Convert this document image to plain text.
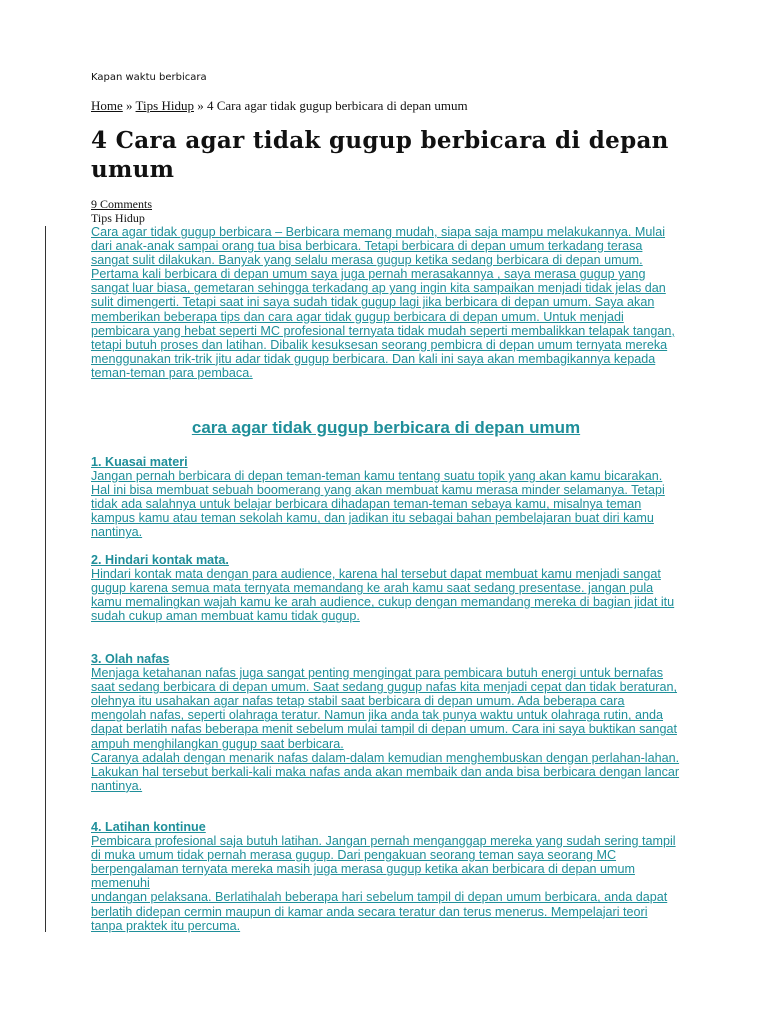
Kapan waktu berbicara
Home » Tips Hidup » 4 Cara agar tidak gugup berbicara di depan umum
4 Cara agar tidak gugup berbicara di depan umum
9 Comments
Tips Hidup

Cara agar tidak gugup berbicara – Berbicara memang mudah, siapa saja mampu melakukannya. Mulai dari anak-anak sampai orang tua bisa berbicara. Tetapi berbicara di depan umum terkadang terasa sangat sulit dilakukan. Banyak yang selalu merasa gugup ketika sedang berbicara di depan umum. Pertama kali berbicara di depan umum saya juga pernah merasakannya , saya merasa gugup yang sangat luar biasa, gemetaran sehingga terkadang ap yang ingin kita sampaikan menjadi tidak jelas dan sulit dimengerti. Tetapi saat ini saya sudah tidak gugup lagi jika berbicara di depan umum. Saya akan memberikan beberapa tips dan cara agar tidak gugup berbicara di depan umum. Untuk menjadi pembicara yang hebat seperti MC profesional ternyata tidak mudah seperti membalikkan telapak tangan, tetapi butuh proses dan latihan. Dibalik kesuksesan seorang pembicra di depan umum ternyata mereka menggunakan trik-trik jitu adar tidak gugup berbicara. Dan kali ini saya akan membagikannya kepada teman-teman para pembaca.

cara agar tidak gugup berbicara di depan umum
1. Kuasai materi

Jangan pernah berbicara di depan teman-teman kamu tentang suatu topik yang akan kamu bicarakan. Hal ini bisa membuat sebuah boomerang yang akan membuat kamu merasa minder selamanya. Tetapi tidak ada salahnya untuk belajar berbicara dihadapan teman-teman sebaya kamu, misalnya teman kampus kamu atau teman sekolah kamu, dan jadikan itu sebagai bahan pembelajaran buat diri kamu nantinya.

2. Hindari kontak mata.

Hindari kontak mata dengan para audience, karena hal tersebut dapat membuat kamu menjadi sangat gugup karena semua mata ternyata memandang ke arah kamu saat sedang presentase. jangan pula kamu memalingkan wajah kamu ke arah audience, cukup dengan memandang mereka di bagian jidat itu sudah cukup aman membuat kamu tidak gugup.

3. Olah nafas

Menjaga ketahanan nafas juga sangat penting mengingat para pembicara butuh energi untuk bernafas saat sedang berbicara di depan umum. Saat sedang gugup nafas kita menjadi cepat dan tidak beraturan, olehnya itu usahakan agar nafas tetap stabil saat berbicara di depan umum. Ada beberapa cara mengolah nafas, seperti olahraga teratur. Namun jika anda tak punya waktu untuk olahraga rutin, anda dapat berlatih nafas beberapa menit sebelum mulai tampil di depan umum. Cara ini saya buktikan sangat ampuh menghilangkan gugup saat berbicara.

Caranya adalah dengan menarik nafas dalam-dalam kemudian menghembuskan dengan perlahan-lahan. Lakukan hal tersebut berkali-kali maka nafas anda akan membaik dan anda bisa berbicara dengan lancar nantinya.

4. Latihan kontinue

Pembicara profesional saja butuh latihan. Jangan pernah menganggap mereka yang sudah sering tampil di muka umum tidak pernah merasa gugup. Dari pengakuan seorang teman saya seorang MC berpengalaman ternyata mereka masih juga merasa gugup ketika akan berbicara di depan umum memenuhi

undangan pelaksana. Berlatihalah beberapa hari sebelum tampil di depan umum berbicara, anda dapat berlatih didepan cermin maupun di kamar anda secara teratur dan terus menerus. Mempelajari teori tanpa praktek itu percuma.
